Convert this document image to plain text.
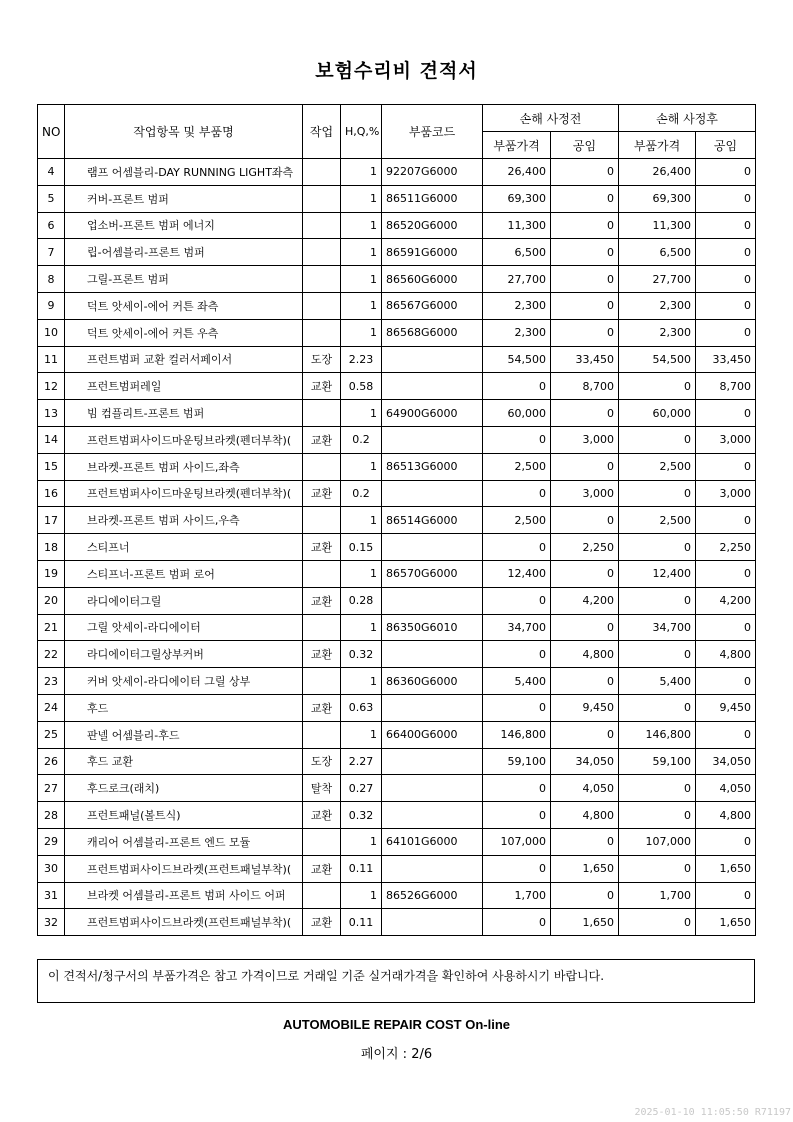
보험수리비 견적서
NO	작업항목 및 부품명	작업	H,Q,%	부품코드	손해 사정전		손해 사정후	
					부품가격	공임	부품가격	공임
4	램프 어셈블리-DAY RUNNING LIGHT좌측		1	92207G6000	26,400	0	26,400	0
5	커버-프론트 범퍼		1	86511G6000	69,300	0	69,300	0
6	업소버-프론트 범퍼 에너지		1	86520G6000	11,300	0	11,300	0
7	립-어셈블리-프론트 범퍼		1	86591G6000	6,500	0	6,500	0
8	그릴-프론트 범퍼		1	86560G6000	27,700	0	27,700	0
9	덕트 앗세이-에어 커튼 좌측		1	86567G6000	2,300	0	2,300	0
10	덕트 앗세이-에어 커튼 우측		1	86568G6000	2,300	0	2,300	0
11	프런트범퍼 교환 컬러서페이서	도장	2.23		54,500	33,450	54,500	33,450
12	프런트범퍼레일	교환	0.58		0	8,700	0	8,700
13	빔 컴플리트-프론트 범퍼		1	64900G6000	60,000	0	60,000	0
14	프런트범퍼사이드마운팅브라켓(펜더부착)(	교환	0.2		0	3,000	0	3,000
15	브라켓-프론트 범퍼 사이드,좌측		1	86513G6000	2,500	0	2,500	0
16	프런트범퍼사이드마운팅브라켓(펜더부착)(	교환	0.2		0	3,000	0	3,000
17	브라켓-프론트 범퍼 사이드,우측		1	86514G6000	2,500	0	2,500	0
18	스티프너	교환	0.15		0	2,250	0	2,250
19	스티프너-프론트 범퍼 로어		1	86570G6000	12,400	0	12,400	0
20	라디에이터그릴	교환	0.28		0	4,200	0	4,200
21	그릴 앗세이-라디에이터		1	86350G6010	34,700	0	34,700	0
22	라디에이터그릴상부커버	교환	0.32		0	4,800	0	4,800
23	커버 앗세이-라디에이터 그릴 상부		1	86360G6000	5,400	0	5,400	0
24	후드	교환	0.63		0	9,450	0	9,450
25	판넬 어셈블리-후드		1	66400G6000	146,800	0	146,800	0
26	후드 교환	도장	2.27		59,100	34,050	59,100	34,050
27	후드로크(래치)	탈착	0.27		0	4,050	0	4,050
28	프런트패널(볼트식)	교환	0.32		0	4,800	0	4,800
29	캐리어 어셈블리-프론트 엔드 모듈		1	64101G6000	107,000	0	107,000	0
30	프런트범퍼사이드브라켓(프런트패널부착)(	교환	0.11		0	1,650	0	1,650
31	브라켓 어셈블리-프론트 범퍼 사이드 어퍼		1	86526G6000	1,700	0	1,700	0
32	프런트범퍼사이드브라켓(프런트패널부착)(	교환	0.11		0	1,650	0	1,650
이 견적서/청구서의 부품가격은 참고 가격이므로 거래일 기준 실거래가격을 확인하여 사용하시기 바랍니다.
AUTOMOBILE REPAIR COST On-line
페이지 : 2/6
2025-01-10 11:05:50 R71197
